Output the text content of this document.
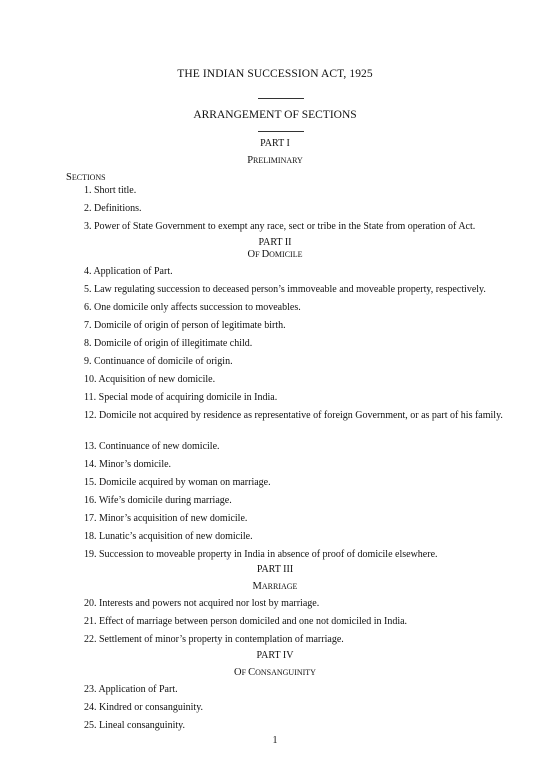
THE INDIAN SUCCESSION ACT, 1925
ARRANGEMENT OF SECTIONS
PART I
PRELIMINARY
SECTIONS
1. Short title.
2. Definitions.
3. Power of State Government to exempt any race, sect or tribe in the State from operation of Act.
PART II
OF DOMICILE
4. Application of Part.
5. Law regulating succession to deceased person’s immoveable and moveable property, respectively.
6. One domicile only affects succession to moveables.
7. Domicile of origin of person of legitimate birth.
8. Domicile of origin of illegitimate child.
9. Continuance of domicile of origin.
10. Acquisition of new domicile.
11. Special mode of acquiring domicile in India.
12. Domicile not acquired by residence as representative of foreign Government, or as part of his family.
13. Continuance of new domicile.
14. Minor’s domicile.
15. Domicile acquired by woman on marriage.
16. Wife’s domicile during marriage.
17. Minor’s acquisition of new domicile.
18. Lunatic’s acquisition of new domicile.
19. Succession to moveable property in India in absence of proof of domicile elsewhere.
PART III
MARRIAGE
20. Interests and powers not acquired nor lost by marriage.
21. Effect of marriage between person domiciled and one not domiciled in India.
22. Settlement of minor’s property in contemplation of marriage.
PART IV
OF CONSANGUINITY
23. Application of Part.
24. Kindred or consanguinity.
25. Lineal consanguinity.
1
